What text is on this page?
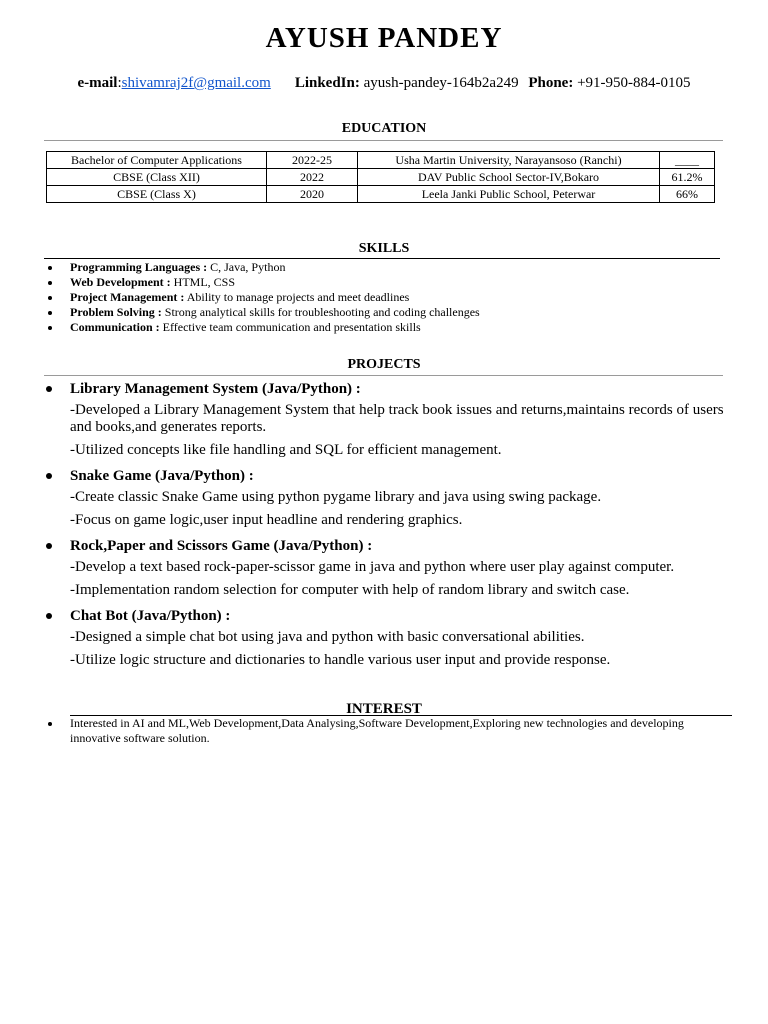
AYUSH PANDEY
e-mail:shivamraj2f@gmail.com LinkedIn: ayush-pandey-164b2a249 Phone: +91-950-884-0105
EDUCATION
Bachelor of Computer Applications	2022-25	Usha Martin University, Narayansoso (Ranchi)	____
CBSE (Class XII)	2022	DAV Public School Sector-IV,Bokaro	61.2%
CBSE (Class X)	2020	Leela Janki Public School, Peterwar	66%
SKILLS
Programming Languages : C, Java, Python
Web Development : HTML, CSS
Project Management : Ability to manage projects and meet deadlines
Problem Solving : Strong analytical skills for troubleshooting and coding challenges
Communication : Effective team communication and presentation skills
PROJECTS
Library Management System (Java/Python) :
-Developed a Library Management System that help track book issues and returns,maintains records of users and books,and generates reports.
-Utilized concepts like file handling and SQL for efficient management.
Snake Game (Java/Python) :
-Create classic Snake Game using python pygame library and java using swing package.
-Focus on game logic,user input headline and rendering graphics.
Rock,Paper and Scissors Game (Java/Python) :
-Develop a text based rock-paper-scissor game in java and python where user play against computer.
-Implementation random selection for computer with help of random library and switch case.
Chat Bot (Java/Python) :
-Designed a simple chat bot using java and python with basic conversational abilities.
-Utilize logic structure and dictionaries to handle various user input and provide response.
INTEREST
Interested in AI and ML,Web Development,Data Analysing,Software Development,Exploring new technologies and developing innovative software solution.
